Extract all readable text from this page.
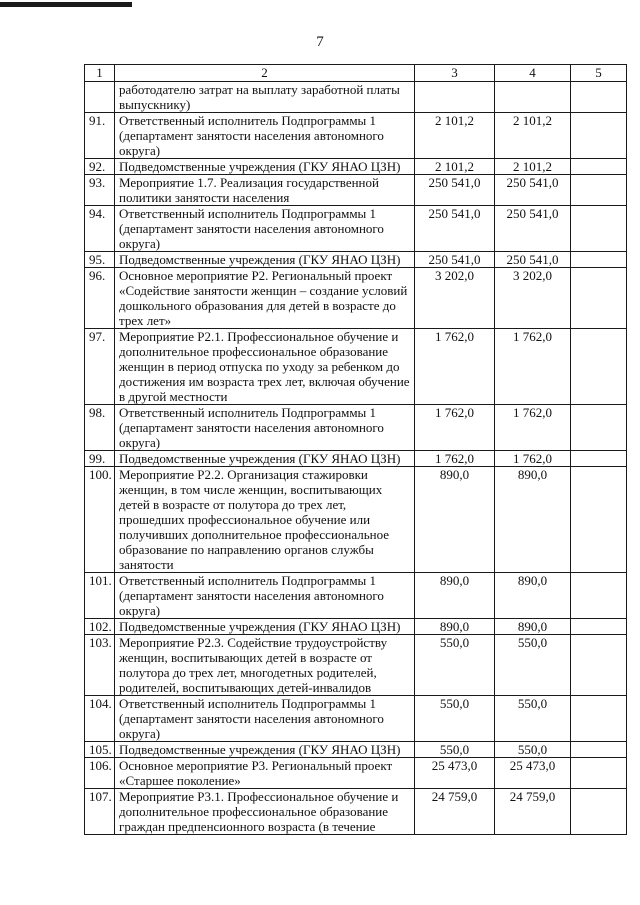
7
1	2	3	4	5
	работодателю затрат на выплату заработной платы выпускнику)			
91.	Ответственный исполнитель Подпрограммы 1 (департамент занятости населения автономного округа)	2 101,2	2 101,2	
92.	Подведомственные учреждения (ГКУ ЯНАО ЦЗН)	2 101,2	2 101,2	
93.	Мероприятие 1.7. Реализация государственной политики занятости населения	250 541,0	250 541,0	
94.	Ответственный исполнитель Подпрограммы 1 (департамент занятости населения автономного округа)	250 541,0	250 541,0	
95.	Подведомственные учреждения (ГКУ ЯНАО ЦЗН)	250 541,0	250 541,0	
96.	Основное мероприятие Р2. Региональный проект «Содействие занятости женщин – создание условий дошкольного образования для детей в возрасте до трех лет»	3 202,0	3 202,0	
97.	Мероприятие Р2.1. Профессиональное обучение и дополнительное профессиональное образование женщин в период отпуска по уходу за ребенком до достижения им возраста трех лет, включая обучение в другой местности	1 762,0	1 762,0	
98.	Ответственный исполнитель Подпрограммы 1 (департамент занятости населения автономного округа)	1 762,0	1 762,0	
99.	Подведомственные учреждения (ГКУ ЯНАО ЦЗН)	1 762,0	1 762,0	
100.	Мероприятие Р2.2. Организация стажировки женщин, в том числе женщин, воспитывающих детей в возрасте от полутора до трех лет, прошедших профессиональное обучение или получивших дополнительное профессиональное образование по направлению органов службы занятости	890,0	890,0	
101.	Ответственный исполнитель Подпрограммы 1 (департамент занятости населения автономного округа)	890,0	890,0	
102.	Подведомственные учреждения (ГКУ ЯНАО ЦЗН)	890,0	890,0	
103.	Мероприятие Р2.3. Содействие трудоустройству женщин, воспитывающих детей в возрасте от полутора до трех лет, многодетных родителей, родителей, воспитывающих детей-инвалидов	550,0	550,0	
104.	Ответственный исполнитель Подпрограммы 1 (департамент занятости населения автономного округа)	550,0	550,0	
105.	Подведомственные учреждения (ГКУ ЯНАО ЦЗН)	550,0	550,0	
106.	Основное мероприятие Р3. Региональный проект «Старшее поколение»	25 473,0	25 473,0	
107.	Мероприятие Р3.1. Профессиональное обучение и дополнительное профессиональное образование граждан предпенсионного возраста (в течение	24 759,0	24 759,0	
